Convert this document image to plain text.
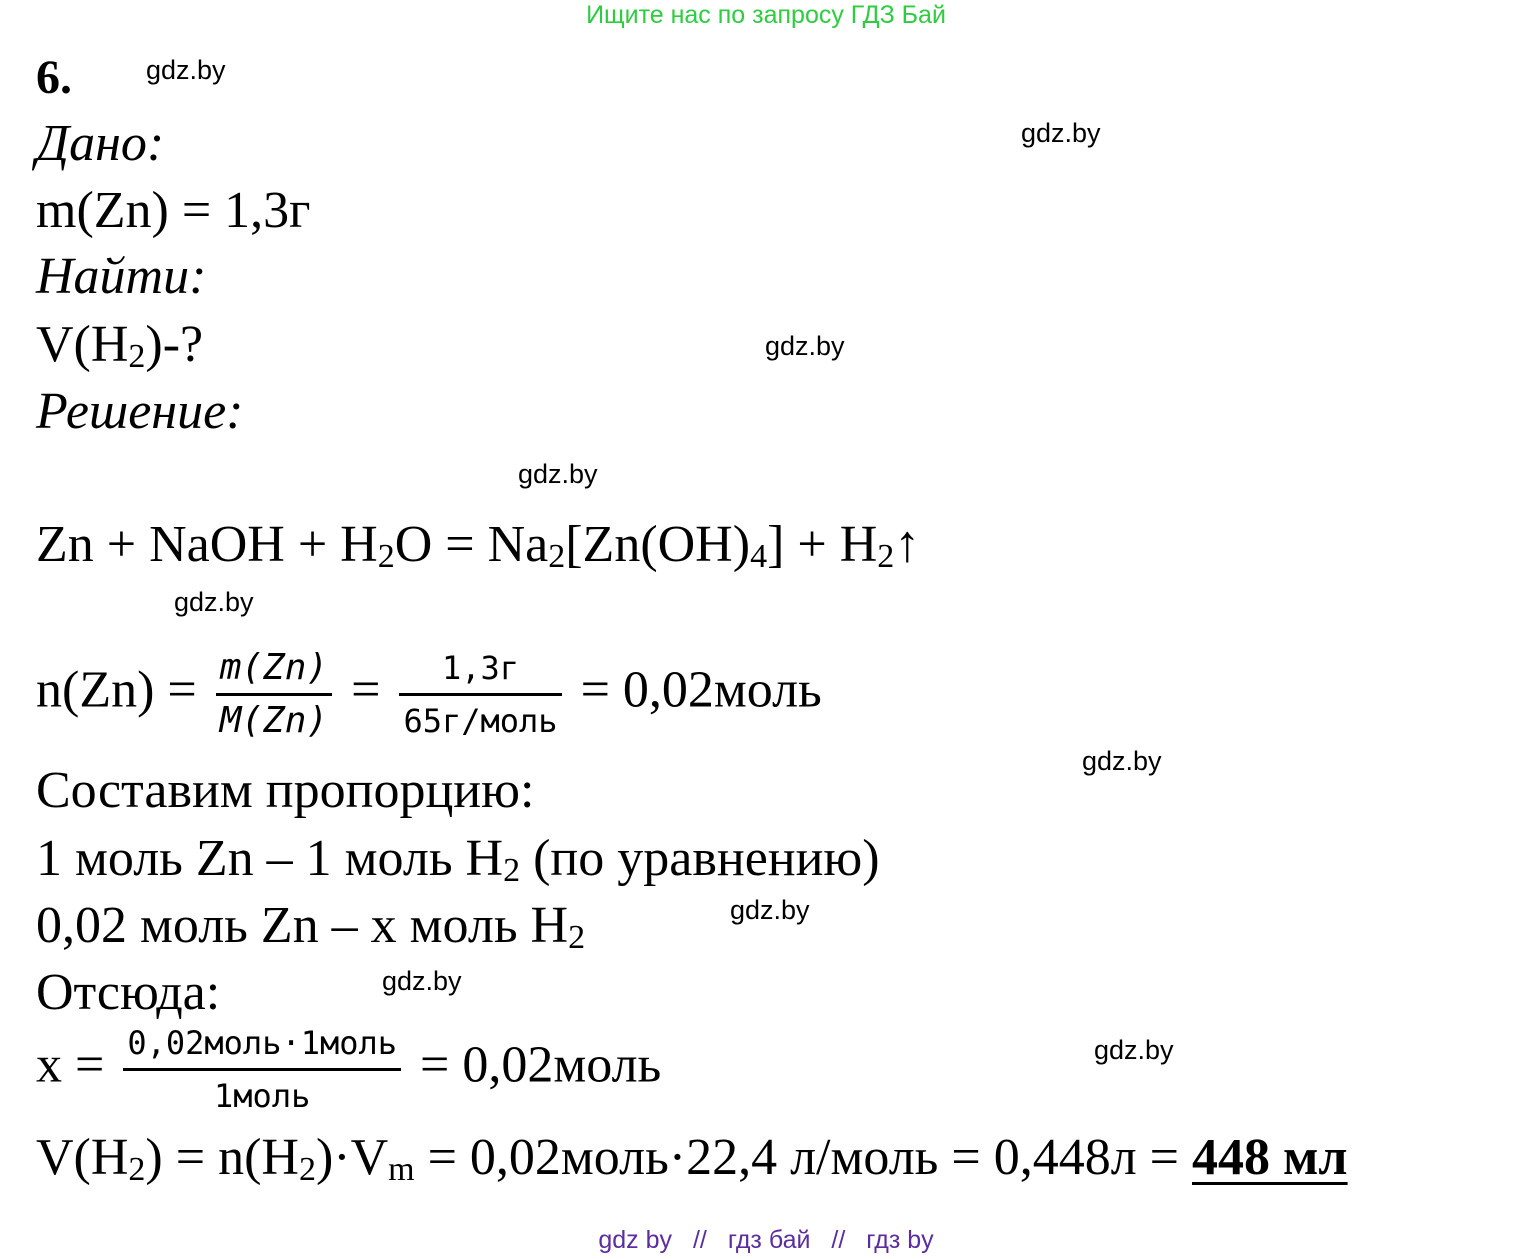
Ищите нас по запросу ГДЗ Бай
gdz.by
gdz.by
gdz.by
gdz.by
gdz.by
gdz.by
gdz.by
gdz.by
gdz.by
6.
Дано:
m(Zn) = 1,3г
Найти:
$V(H_2)-$?
Решение:
Zn + NaOH + $H_2O = Na_2[Zn(OH)_4]$ + $H_2↑$
$n(Zn) = \frac{m(Zn)}{M(Zn)} = \frac{1,3г}{\text{65г/моль}}$ = 0,02моль
Составим пропорцию:
1 моль Zn – 1 моль $H_2$ (по уравнению)
0,02 моль Zn – x моль $H_2$
Отсюда:
$x = \frac{\text{0,02моль·1моль}}{\text{1моль}}$ = 0,02моль
$V(H_2) = n(H_2)\cdot V_m$ = 0,02моль·22,4 л/моль = 0,448л = 448 мл
gdz by // гдз бай // гдз by
